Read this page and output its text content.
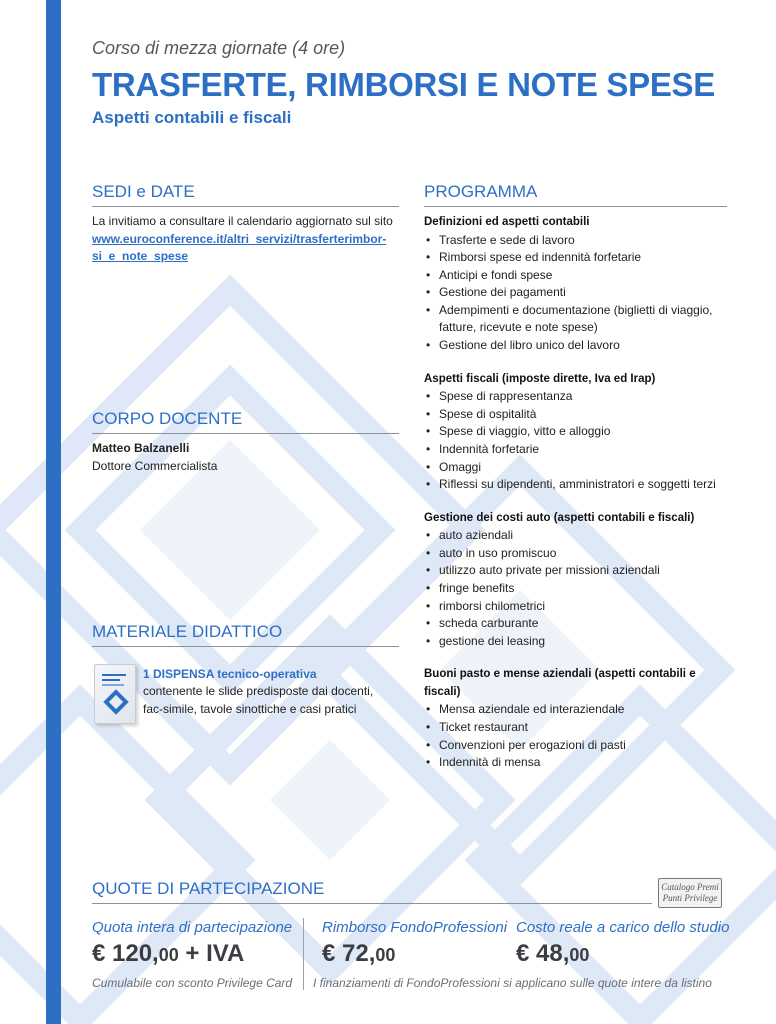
Corso di mezza giornate (4 ore)
TRASFERTE, RIMBORSI E NOTE SPESE
Aspetti contabili e fiscali
SEDI e DATE
La invitiamo a consultare il calendario aggiornato sul sito
www.euroconference.it/altri_servizi/trasferterimbor-
si_e_note_spese
CORPO DOCENTE
Matteo Balzanelli
Dottore Commercialista
MATERIALE DIDATTICO
1 DISPENSA tecnico-operativa
contenente le slide predisposte dai docenti,
fac-simile, tavole sinottiche e casi pratici
PROGRAMMA
Definizioni ed aspetti contabili
• Trasferte e sede di lavoro
• Rimborsi spese ed indennità forfetarie
• Anticipi e fondi spese
• Gestione dei pagamenti
• Adempimenti e documentazione (biglietti di viaggio,
fatture, ricevute e note spese)
• Gestione del libro unico del lavoro
Aspetti fiscali (imposte dirette, Iva ed Irap)
• Spese di rappresentanza
• Spese di ospitalità
• Spese di viaggio, vitto e alloggio
• Indennità forfetarie
• Omaggi
• Riflessi su dipendenti, amministratori e soggetti terzi
Gestione dei costi auto (aspetti contabili e fiscali)
• auto aziendali
• auto in uso promiscuo
• utilizzo auto private per missioni aziendali
• fringe benefits
• rimborsi chilometrici
• scheda carburante
• gestione dei leasing
Buoni pasto e mense aziendali (aspetti contabili e fiscali)
• Mensa aziendale ed interaziendale
• Ticket restaurant
• Convenzioni per erogazioni di pasti
• Indennità di mensa
QUOTE DI PARTECIPAZIONE	Catalogo Premi
Punti Privilege
Quota intera di partecipazione
€ 120,00 + IVA
Rimborso FondoProfessioni
€ 72,00
Costo reale a carico dello studio
€ 48,00
Cumulabile con sconto Privilege Card I finanziamenti di FondoProfessioni si applicano sulle quote intere da listino
